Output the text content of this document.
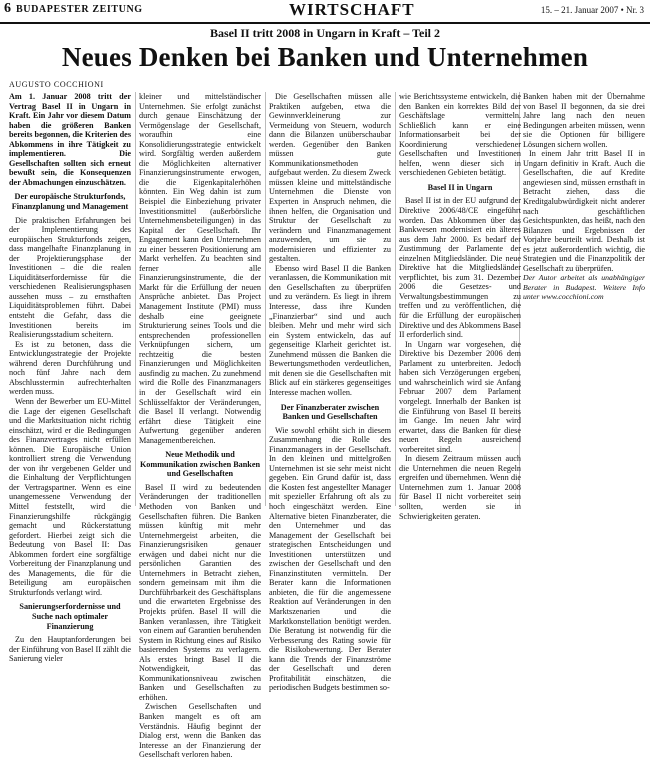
6 BUDAPESTER ZEITUNG	WIRTSCHAFT	15. – 21. Januar 2007 • Nr. 3
Basel II tritt 2008 in Ungarn in Kraft – Teil 2
Neues Denken bei Banken und Unternehmen
AUGUSTO COCCHIONI

Am 1. Januar 2008 tritt der Vertrag Basel II in Ungarn in Kraft. Ein Jahr vor diesem Datum haben die größeren Banken bereits begonnen, die Kriterien des Abkommens in ihre Tätigkeit zu implementieren. Die Gesellschaften sollten sich erneut bewußt sein, die Konsequenzen der Abmachungen einzuschätzen.

Der europäische Strukturfonds, Finanzplanung und Management

Die praktischen Erfahrungen bei der Implementierung des europäischen Strukturfonds zeigen, dass mangelhafte Finanzplanung in der Projektierungsphase der Investitionen – die die realen Liquiditätserfordernisse für die verschiedenen Realisierungsphasen aussehen muss – zu ernsthaften Liquiditätsproblemen führt. Dabei entsteht die Gefahr, dass die Investitionen bereits im Realisierungsstadium scheitern.

Es ist zu betonen, dass die Entwicklungsstrategie der Projekte während deren Durchführung und noch fünf Jahre nach dem Abschlusstermin aufrechterhalten werden muss.

Wenn der Bewerber um EU-Mittel die Lage der eigenen Gesellschaft und die Marktsituation nicht richtig einschätzt, wird er die Bedingungen des Finanzvertrages nicht erfüllen können. Die Europäische Union kontrolliert streng die Verwendung der von ihr vergebenen Gelder und die Einhaltung der Verpflichtungen der Vertragspartner. Wenn es eine unangemessene Verwendung der Mittel feststellt, wird die Finanzierungshilfe rückgängig gemacht und Rückerstattung gefordert. Hierbei zeigt sich die Bedeutung von Basel II: Das Abkommen fordert eine sorgfältige Vorbereitung der Finanzplanung und des Managements, die für die Beteiligung am europäischen Strukturfonds verlangt wird.

Sanierungserfordernisse und Suche nach optimaler Finanzierung

Zu den Hauptanforderungen bei der Einführung von Basel II zählt die Sanierung vieler

kleiner und mittelständischer Unternehmen. Sie erfolgt zunächst durch genaue Einschätzung der Vermögenslage der Gesellschaft, woraufhin eine Konsolidierungsstrategie entwickelt wird. Sorgfältig werden außerdem die Möglichkeiten alternativer Finanzierungsinstrumente erwogen, die die Eigenkapitalerhöhen könnten. Ein Weg dahin ist zum Beispiel die Einbeziehung privater Investitionsmittel (außerbörsliche Unternehmensbeteiligungen) in das Kapital der Gesellschaft. Ihr Engagement kann den Unternehmen zu einer besseren Positionierung am Markt verhelfen. Zu beachten sind ferner alle Finanzierungsinstrumente, die der Markt für die Erfüllung der neuen Ansprüche anbietet. Das Project Management Institute (PMI) muss deshalb eine geeignete Strukturierung seines Tools und die entsprechenden professionellen Verknüpfungen sichern, um rechtzeitig die besten Finanzierungen und Möglichkeiten ausfindig zu machen. Zu zunehmend wird die Rolle des Finanzmanagers in der Gesellschaft wird ein Schlüsselfaktor der Veränderungen, die Basel II verlangt. Notwendig erfährt diese Tätigkeit eine Aufwertung gegenüber anderen Managementbereichen.

Neue Methodik und Kommunikation zwischen Banken und Gesellschaften

Basel II wird zu bedeutenden Veränderungen der traditionellen Methoden von Banken und Gesellschaften führen. Die Banken müssen künftig mit mehr Unternehmergeist arbeiten, die Finanzierungsrisiken genauer erwägen und dabei nicht nur die persönlichen Garantien des Unternehmers in Betracht ziehen, sondern gemeinsam mit ihm die Durchführbarkeit des Geschäftsplans und die erwarteten Ergebnisse des Projekts prüfen. Basel II will die Banken veranlassen, ihre Tätigkeit von einem auf Garantien beruhenden System in Richtung eines auf Risiko basierenden Systems zu verlagern. Als erstes bringt Basel II die Notwendigkeit, das Kommunikationsniveau zwischen Banken und Gesellschaften zu erhöhen.

Zwischen Gesellschaften und Banken mangelt es oft am Verständnis. Häufig beginnt der Dialog erst, wenn die Banken das Interesse an der Finanzierung der Gesellschaft verloren haben.

Die Gesellschaften müssen alle Praktiken aufgeben, etwa die Gewinnverkleinerung zur Vermeidung von Steuern, wodurch dann die Bilanzen unüberschaubar werden. Gegenüber den Banken müssen gute Kommunikationsmethoden aufgebaut werden. Zu diesem Zweck müssen kleine und mittelständische Unternehmen die Dienste von Experten in Anspruch nehmen, die ihnen helfen, die Organisation und Struktur der Gesellschaft zu verändern und Finanzmanagement anzuwenden, um sie zu modernisieren und effizienter zu gestalten.

Ebenso wird Basel II die Banken veranlassen, die Kommunikation mit den Gesellschaften zu überprüfen und zu verändern. Es liegt in ihrem Interesse, dass ihre Kunden „Finanzierbar“ sind und auch bleiben. Mehr und mehr wird sich ein System entwickeln, das auf gegenseitige Klarheit gerichtet ist. Zunehmend müssen die Banken die Bewertungsmethoden verdeutlichen, mit denen sie die Gesellschaften mit Blick auf ein stärkeres gegenseitiges Interesse machen wollen.

Der Finanzberater zwischen Banken und Gesellschaften

Wie sowohl erhöht sich in diesem Zusammenhang die Rolle des Finanzmanagers in der Gesellschaft. In den kleinen und mittelgroßen Unternehmen ist sie sehr meist nicht gegeben. Ein Grund dafür ist, dass die Kosten fest angestellter Manager mit spezieller Erfahrung oft als zu hoch eingeschätzt werden. Eine Alternative bieten Finanzberater, die den Unternehmer und das Management der Gesellschaft bei strategischen Entscheidungen und Investitionen unterstützen und zwischen der Gesellschaft und den Finanzinstituten vermitteln. Der Berater kann die Informationen anbieten, die für die angemessene Reaktion auf Veränderungen in den Marktszenarien und die Marktkonstellation benötigt werden. Die Beratung ist notwendig für die Verbesserung des Rating sowie für die Risikobewertung. Der Berater kann die Trends der Finanzströme der Gesellschaft und deren Profitabilität einschätzen, die periodischen Budgets bestimmen so-

wie Berichtssysteme entwickeln, die den Banken ein korrektes Bild der Geschäftslage vermitteln. Schließlich kann er eine Informationsarbeit bei der Koordinierung verschiedener Gesellschaften und Investitionen helfen, wenn dieser sich in verschiedenen Gebieten betätigt.

Basel II in Ungarn

Basel II ist in der EU aufgrund der Direktive 2006/48/CE eingeführt worden. Das Abkommen über das Bankwesen modernisiert ein älteres aus dem Jahr 2000. Es bedarf der Zustimmung der Parlamente der einzelnen Mitgliedsländer. Die neue Direktive hat die Mitgliedsländer verpflichtet, bis zum 31. Dezember 2006 die Gesetzes- und Verwaltungsbestimmungen zu treffen und zu veröffentlichen, die für die Erfüllung der europäischen Direktive und des Abkommens Basel II erforderlich sind.

In Ungarn war vorgesehen, die Direktive bis Dezember 2006 dem Parlament zu unterbreiten. Jedoch haben sich Verzögerungen ergeben, und wahrscheinlich wird sie Anfang Februar 2007 dem Parlament vorgelegt. Innerhalb der Banken ist die Einführung von Basel II bereits im Gange. Im neuen Jahr wird erwartet, dass die Banken für diese neuen Regeln ausreichend vorbereitet sind.

In diesem Zeitraum müssen auch die Unternehmen die neuen Regeln ergreifen und übernehmen. Wenn die Unternehmen zum 1. Januar 2008 für Basel II nicht vorbereitet sein sollten, werden sie in Schwierigkeiten geraten.

Banken haben mit der Übernahme von Basel II begonnen, da sie drei Jahre lang nach den neuen Bedingungen arbeiten müssen, wenn sie die Optionen für billigere Lösungen sichern wollen.

In einem Jahr tritt Basel II in Ungarn definitiv in Kraft. Auch die Gesellschaften, die auf Kredite angewiesen sind, müssen ernsthaft in Betracht ziehen, dass die Kreditgalubwürdigkeit nicht anderer nach geschäftlichen Gesichtspunkten, das heißt, nach den Bilanzen und Ergebnissen der Vorjahre beurteilt wird. Deshalb ist es jetzt außerordentlich wichtig, die Strategien und die Finanzpolitik der Gesellschaft zu überprüfen.

Der Autor arbeitet als unabhängiger Berater in Budapest. Weitere Info unter www.cocchioni.com
